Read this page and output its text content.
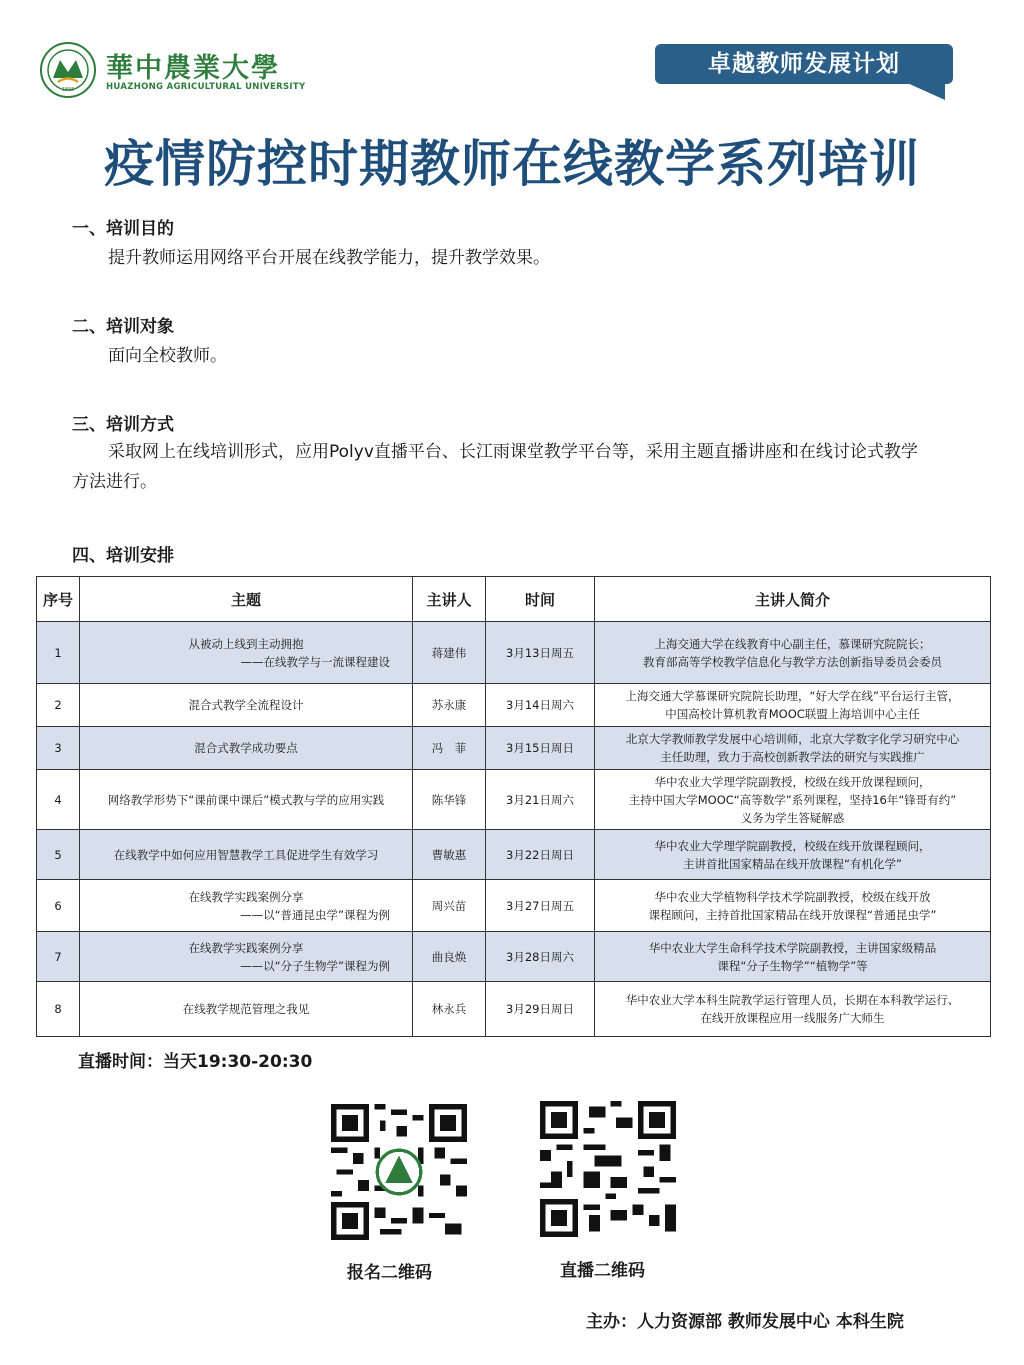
1898
華中農業大學
HUAZHONG AGRICULTURAL UNIVERSITY
卓越教师发展计划
疫情防控时期教师在线教学系列培训
一、培训目的
提升教师运用网络平台开展在线教学能力，提升教学效果。
二、培训对象
面向全校教师。
三、培训方式
采取网上在线培训形式，应用Polyv直播平台、长江雨课堂教学平台等，采用主题直播讲座和在线讨论式教学方法进行。
四、培训安排
序号	主题	主讲人	时间	主讲人简介
1	从被动上线到主动拥抱
——在线教学与一流课程建设	蒋建伟	3月13日周五	上海交通大学在线教育中心副主任，慕课研究院院长；
教育部高等学校教学信息化与教学方法创新指导委员会委员
2	混合式教学全流程设计	苏永康	3月14日周六	上海交通大学慕课研究院院长助理，“好大学在线”平台运行主管，
中国高校计算机教育MOOC联盟上海培训中心主任
3	混合式教学成功要点	冯　菲	3月15日周日	北京大学教师教学发展中心培训师，北京大学数字化学习研究中心
主任助理，致力于高校创新教学法的研究与实践推广
4	网络教学形势下“课前课中课后”模式教与学的应用实践	陈华锋	3月21日周六	华中农业大学理学院副教授，校级在线开放课程顾问，
主持中国大学MOOC“高等数学”系列课程，坚持16年“锋哥有约”
义务为学生答疑解惑
5	在线教学中如何应用智慧教学工具促进学生有效学习	曹敏惠	3月22日周日	华中农业大学理学院副教授，校级在线开放课程顾问，
主讲首批国家精品在线开放课程“有机化学”
6	在线教学实践案例分享
——以“普通昆虫学”课程为例	周兴苗	3月27日周五	华中农业大学植物科学技术学院副教授，校级在线开放
课程顾问，主持首批国家精品在线开放课程“普通昆虫学”
7	在线教学实践案例分享
——以“分子生物学”课程为例	曲良焕	3月28日周六	华中农业大学生命科学技术学院副教授，主讲国家级精品
课程“分子生物学”“植物学”等
8	在线教学规范管理之我见	林永兵	3月29日周日	华中农业大学本科生院教学运行管理人员，长期在本科教学运行、
在线开放课程应用一线服务广大师生
直播时间：当天19:30-20:30
报名二维码	直播二维码
主办：人力资源部 教师发展中心 本科生院
